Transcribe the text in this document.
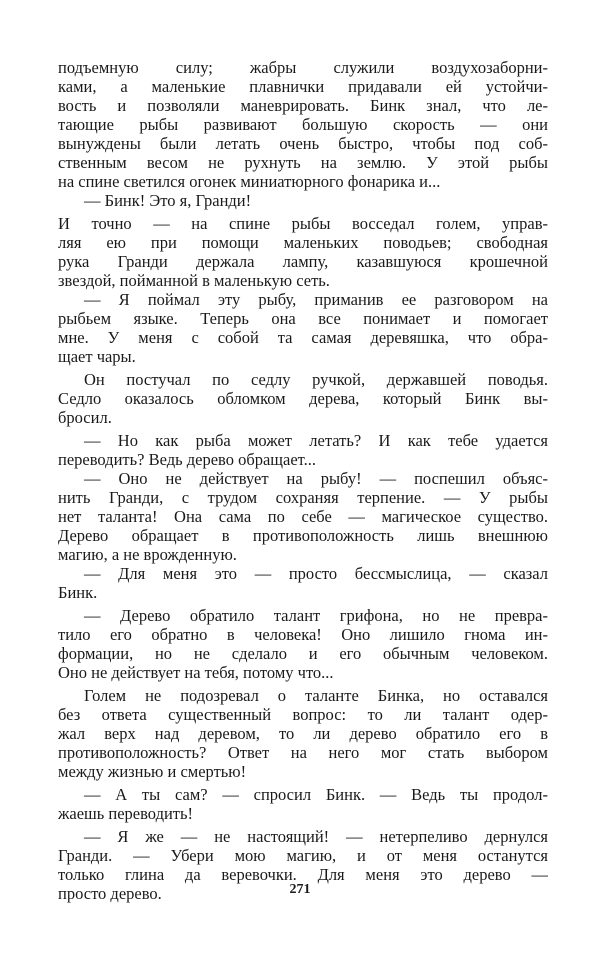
подъемную силу; жабры служили воздухозаборни-
ками, а маленькие плавнички придавали ей устойчи-
вость и позволяли маневрировать. Бинк знал, что ле-
тающие рыбы развивают большую скорость — они
вынуждены были летать очень быстро, чтобы под соб-
ственным весом не рухнуть на землю. У этой рыбы
на спине светился огонек миниатюрного фонарика и...
— Бинк! Это я, Гранди!
И точно — на спине рыбы восседал голем, управ-
ляя ею при помощи маленьких поводьев; свободная
рука Гранди держала лампу, казавшуюся крошечной
звездой, пойманной в маленькую сеть.
— Я поймал эту рыбу, приманив ее разговором на
рыбьем языке. Теперь она все понимает и помогает
мне. У меня с собой та самая деревяшка, что обра-
щает чары.
Он постучал по седлу ручкой, державшей поводья.
Седло оказалось обломком дерева, который Бинк вы-
бросил.
— Но как рыба может летать? И как тебе удается
переводить? Ведь дерево обращает...
— Оно не действует на рыбу! — поспешил объяс-
нить Гранди, с трудом сохраняя терпение. — У рыбы
нет таланта! Она сама по себе — магическое существо.
Дерево обращает в противоположность лишь внешнюю
магию, а не врожденную.
— Для меня это — просто бессмыслица, — сказал
Бинк.
— Дерево обратило талант грифона, но не превра-
тило его обратно в человека! Оно лишило гнома ин-
формации, но не сделало и его обычным человеком.
Оно не действует на тебя, потому что...
Голем не подозревал о таланте Бинка, но оставался
без ответа существенный вопрос: то ли талант одер-
жал верх над деревом, то ли дерево обратило его в
противоположность? Ответ на него мог стать выбором
между жизнью и смертью!
— А ты сам? — спросил Бинк. — Ведь ты продол-
жаешь переводить!
— Я же — не настоящий! — нетерпеливо дернулся
Гранди. — Убери мою магию, и от меня останутся
только глина да веревочки. Для меня это дерево —
просто дерево.	271
